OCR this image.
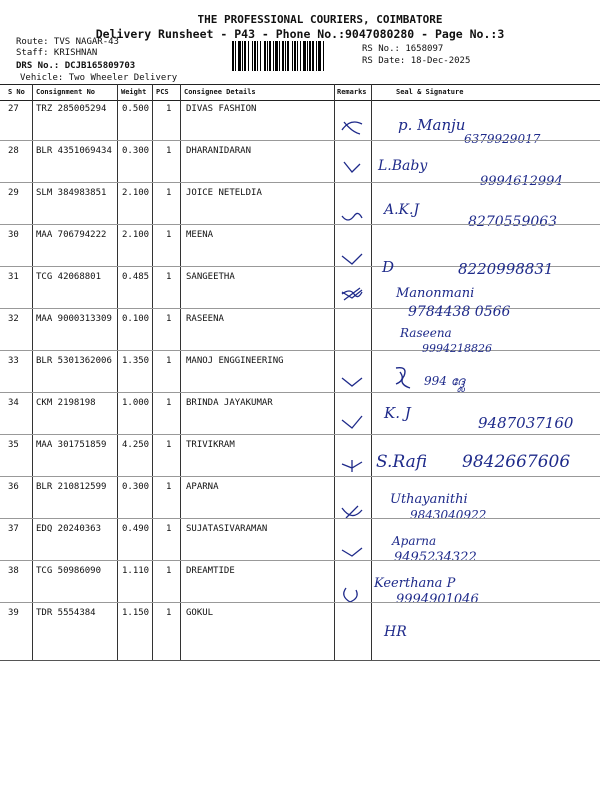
THE PROFESSIONAL COURIERS, COIMBATORE
Delivery Runsheet - P43 - Phone No.:9047080280 - Page No.:3
Route: TVS NAGAR-43
Staff: KRISHNAN
DRS No.: DCJB165809703
Vehicle: Two Wheeler Delivery
RS No.: 1658097
RS Date: 18-Dec-2025
S No Consignment No	Weight PCS Consignee Details	Remarks	Seal & Signature
27 TRZ 285005294 0.500 1 DIVAS FASHION
p. Manju
6379929017
28 BLR 4351069434 0.300 1 DHARANIDARAN
L.Baby
9994612994
29 SLM 384983851 2.100 1 JOICE NETELDIA
A.K.J
8270559063
30 MAA 706794222 2.100 1 MEENA
31 TCG 42068801 0.485 1 SANGEETHA
D	8220998831
32 MAA 9000313309 0.100 1 RASEENA
Manonmani
9784438 0566
33 BLR 5301362006 1.350 1 MANOJ ENGGINEERING
Raseena
9994218826
994 ദ്ദ്ലേ
34 CKM 2198198	1.000 1 BRINDA JAYAKUMAR
K. J
9487037160
35 MAA 301751859 4.250 1 TRIVIKRAM
S.Rafi 9842667606
36 BLR 210812599 0.300 1 APARNA
Uthayanithi
9843040922
37 EDQ 20240363 0.490 1 SUJATASIVARAMAN
Aparna
9495234322
38 TCG 50986090 1.110 1 DREAMTIDE
Keerthana P
9994901046
39 TDR 5554384	1.150 1 GOKUL
HR
